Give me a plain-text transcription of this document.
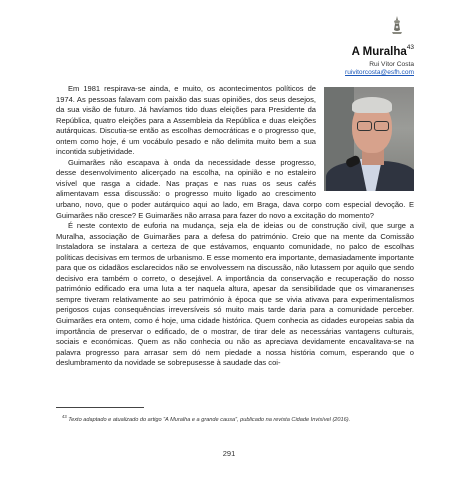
A Muralha$^{43}$
Rui Vítor Costa
ruivitorcosta@esfh.com

Em 1981 respirava-se ainda, e muito, os acontecimentos políticos de 1974. As pessoas falavam com paixão das suas opiniões, dos seus desejos, da sua visão de futuro. Já havíamos tido duas eleições para Presidente da República, quatro eleições para a Assembleia da República e duas eleições autárquicas. Discutia-se então as escolhas democráticas e o progresso que, ontem como hoje, é um vocábulo pesado e não delimita muito bem a sua incontida subjetividade.

Guimarães não escapava à onda da necessidade desse progresso, desse desenvolvimento alicerçado na escolha, na opinião e no estaleiro visível que rasga a cidade. Nas praças e nas ruas os seus cafés alimentavam essa discussão: o progresso muito ligado ao crescimento urbano, novo, que o poder autárquico aqui ao lado, em Braga, dava corpo com especial devoção. E Guimarães não cresce? E Guimarães não arrasa para fazer do novo a excitação do momento?

É neste contexto de euforia na mudança, seja ela de ideias ou de construção civil, que surge a Muralha, associação de Guimarães para a defesa do património. Creio que na mente da Comissão Instaladora se instalara a certeza de que estávamos, enquanto comunidade, no palco de escolhas políticas decisivas em termos de urbanismo. E esse momento era importante, demasiadamente importante para que os cidadãos esclarecidos não se envolvessem na discussão, não lutassem por aquilo que sendo decisivo era também o correto, o desejável. A importância da conservação e recuperação do nosso património edificado era uma luta a ter naquela altura, apesar da sensibilidade que os vimaranenses sempre tiveram relativamente ao seu património à época que se vivia ativava para experimentalismos perigosos cujas consequências irreversíveis só muito mais tarde daria para a comunidade perceber. Guimarães era ontem, como é hoje, uma cidade histórica. Quem conhecia as cidades europeias sabia da importância de preservar o edificado, de o mostrar, de tirar dele as necessárias vantagens culturais, sociais e económicas. Quem as não conhecia ou não as apreciava devidamente encavalitava-se na palavra progresso para arrasar sem dó nem piedade a nossa história comum, esperando que o deslumbramento da novidade se sobrepusesse à saudade das coi-

$^{43}$ Texto adaptado e atualizado do artigo “A Muralha e a grande causa”, publicado na revista Cidade Invisível (2016).
291
